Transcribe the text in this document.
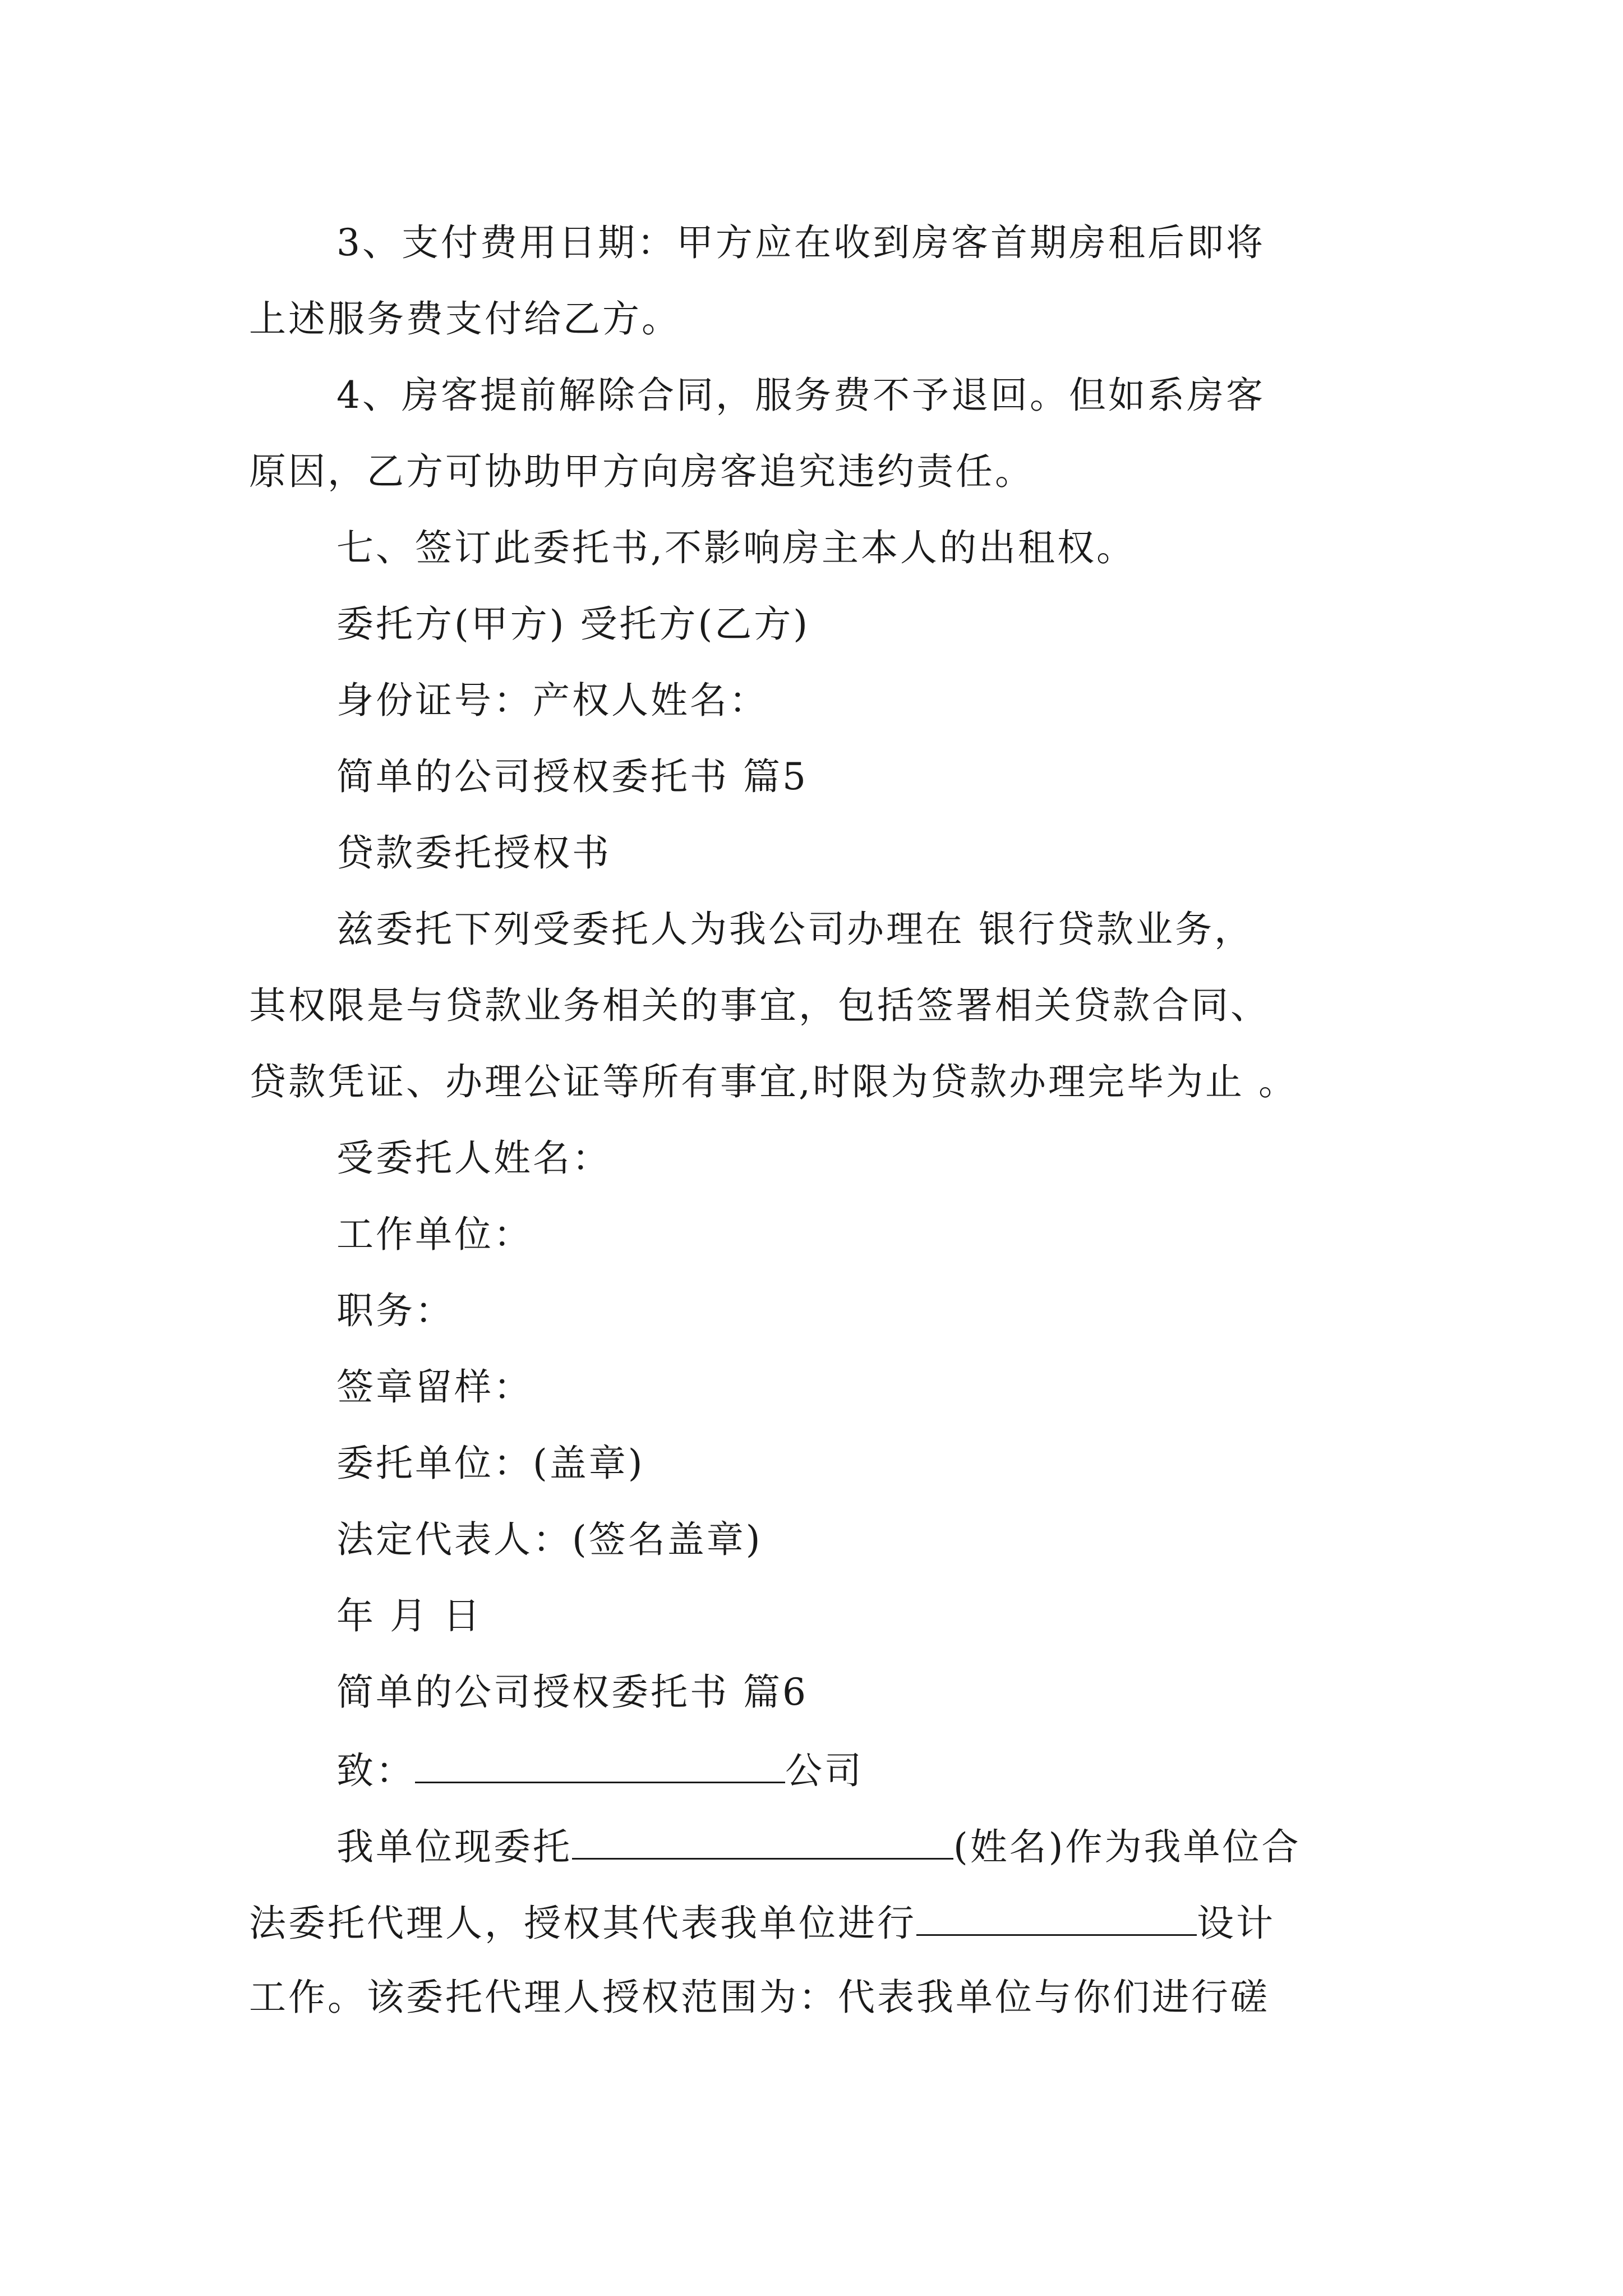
3、支付费用日期：甲方应在收到房客首期房租后即将
上述服务费支付给乙方。
4、房客提前解除合同，服务费不予退回。但如系房客
原因，乙方可协助甲方向房客追究违约责任。
七、签订此委托书,不影响房主本人的出租权。
委托方(甲方) 受托方(乙方)
身份证号：产权人姓名：
简单的公司授权委托书 篇5
贷款委托授权书
兹委托下列受委托人为我公司办理在 银行贷款业务，
其权限是与贷款业务相关的事宜，包括签署相关贷款合同、
贷款凭证、办理公证等所有事宜,时限为贷款办理完毕为止 。
受委托人姓名：
工作单位：
职务：
签章留样：
委托单位：(盖章)
法定代表人：(签名盖章)
年 月 日
简单的公司授权委托书 篇6
致：	公司
我单位现委托	(姓名)作为我单位合
法委托代理人，授权其代表我单位进行	设计
工作。该委托代理人授权范围为：代表我单位与你们进行磋
